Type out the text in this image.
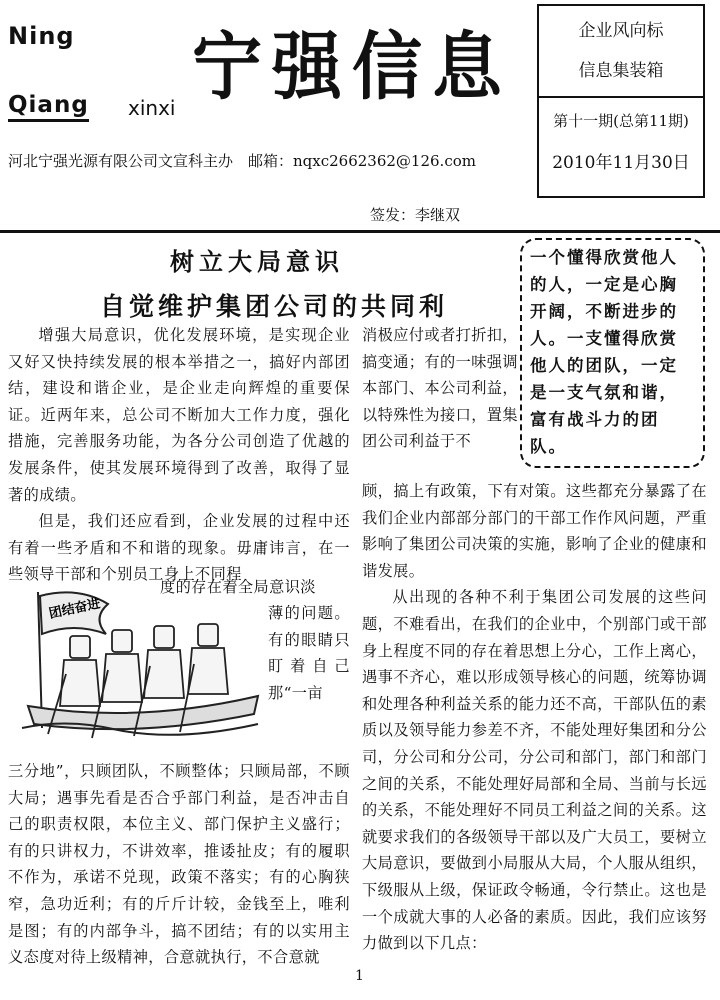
Ning
Qiang xinxi 宁强信息
河北宁强光源有限公司文宣科主办　邮箱：nqxc2662362@126.com
签发：李继双
企业风向标
信息集装箱
第十一期(总第11期)
2010年11月30日
一个懂得欣赏他人的人，一定是心胸开阔，不断进步的人。一支懂得欣赏他人的团队，一定是一支气氛和谐，富有战斗力的团队。
树立大局意识
自觉维护集团公司的共同利

增强大局意识，优化发展环境，是实现企业又好又快持续发展的根本举措之一，搞好内部团结，建设和谐企业，是企业走向辉煌的重要保证。近两年来，总公司不断加大工作力度，强化措施，完善服务功能，为各分公司创造了优越的发展条件，使其发展环境得到了改善，取得了显著的成绩。

但是，我们还应看到，企业发展的过程中还有着一些矛盾和不和谐的现象。毋庸讳言，在一些领导干部和个别员工身上不同程

度的存在着全局意识淡
薄的问题。有的眼睛只盯着自己那“一亩
三分地”，只顾团队，不顾整体；只顾局部，不顾大局；遇事先看是否合乎部门利益，是否冲击自己的职责权限，本位主义、部门保护主义盛行；有的只讲权力，不讲效率，推诿扯皮；有的履职不作为，承诺不兑现，政策不落实；有的心胸狭窄，急功近利；有的斤斤计较，金钱至上，唯利是图；有的内部争斗，搞不团结；有的以实用主义态度对待上级精神，合意就执行，不合意就
消极应付或者打折扣，搞变通；有的一味强调本部门、本公司利益，以特殊性为接口，置集团公司利益于不

顾，搞上有政策，下有对策。这些都充分暴露了在我们企业内部部分部门的干部工作作风问题，严重影响了集团公司决策的实施，影响了企业的健康和谐发展。

从出现的各种不利于集团公司发展的这些问题，不难看出，在我们的企业中，个别部门或干部身上程度不同的存在着思想上分心，工作上离心，遇事不齐心，难以形成领导核心的问题，统筹协调和处理各种利益关系的能力还不高，干部队伍的素质以及领导能力参差不齐，不能处理好集团和分公司，分公司和分公司，分公司和部门，部门和部门之间的关系，不能处理好局部和全局、当前与长远的关系，不能处理好不同员工利益之间的关系。这就要求我们的各级领导干部以及广大员工，要树立大局意识，要做到小局服从大局，个人服从组织，下级服从上级，保证政令畅通，令行禁止。这也是一个成就大事的人必备的素质。因此，我们应该努力做到以下几点：

团结奋进
1
